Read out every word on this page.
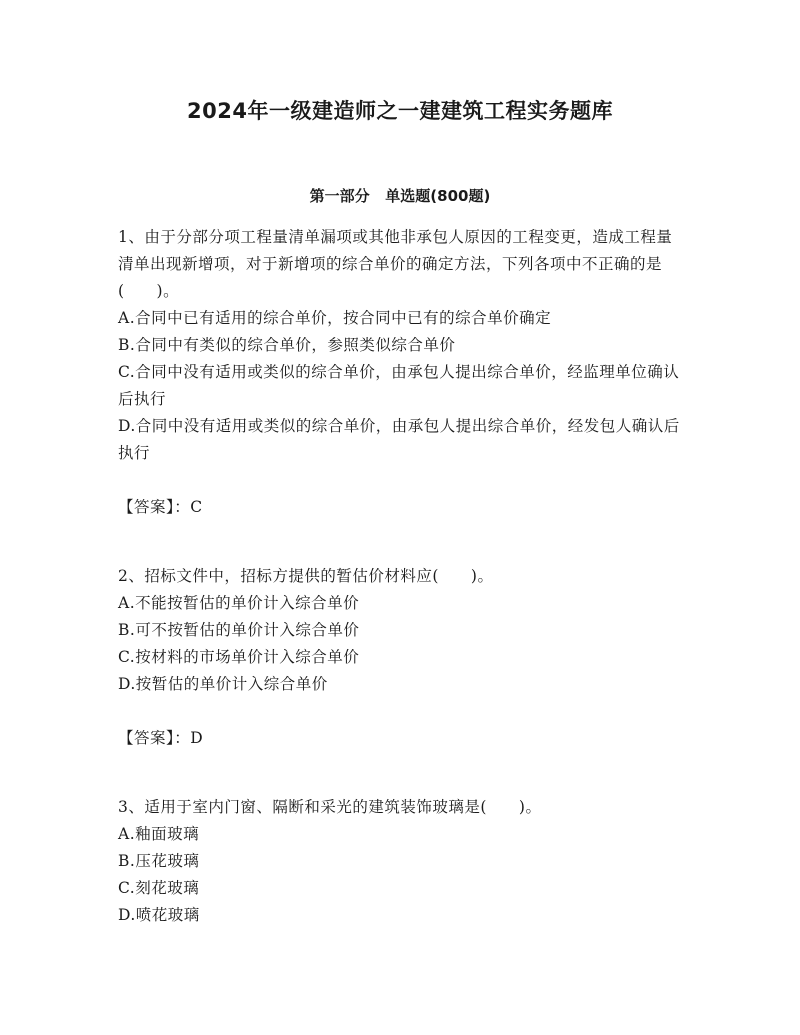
2024年一级建造师之一建建筑工程实务题库
第一部分   单选题(800题)

1、由于分部分项工程量清单漏项或其他非承包人原因的工程变更，造成工程量清单出现新增项，对于新增项的综合单价的确定方法，下列各项中不正确的是(　　)。

A.合同中已有适用的综合单价，按合同中已有的综合单价确定

B.合同中有类似的综合单价，参照类似综合单价

C.合同中没有适用或类似的综合单价，由承包人提出综合单价，经监理单位确认后执行

D.合同中没有适用或类似的综合单价，由承包人提出综合单价，经发包人确认后执行

【答案】：C

2、招标文件中，招标方提供的暂估价材料应(　　)。

A.不能按暂估的单价计入综合单价

B.可不按暂估的单价计入综合单价

C.按材料的市场单价计入综合单价

D.按暂估的单价计入综合单价

【答案】：D

3、适用于室内门窗、隔断和采光的建筑装饰玻璃是(　　)。

A.釉面玻璃

B.压花玻璃

C.刻花玻璃

D.喷花玻璃
